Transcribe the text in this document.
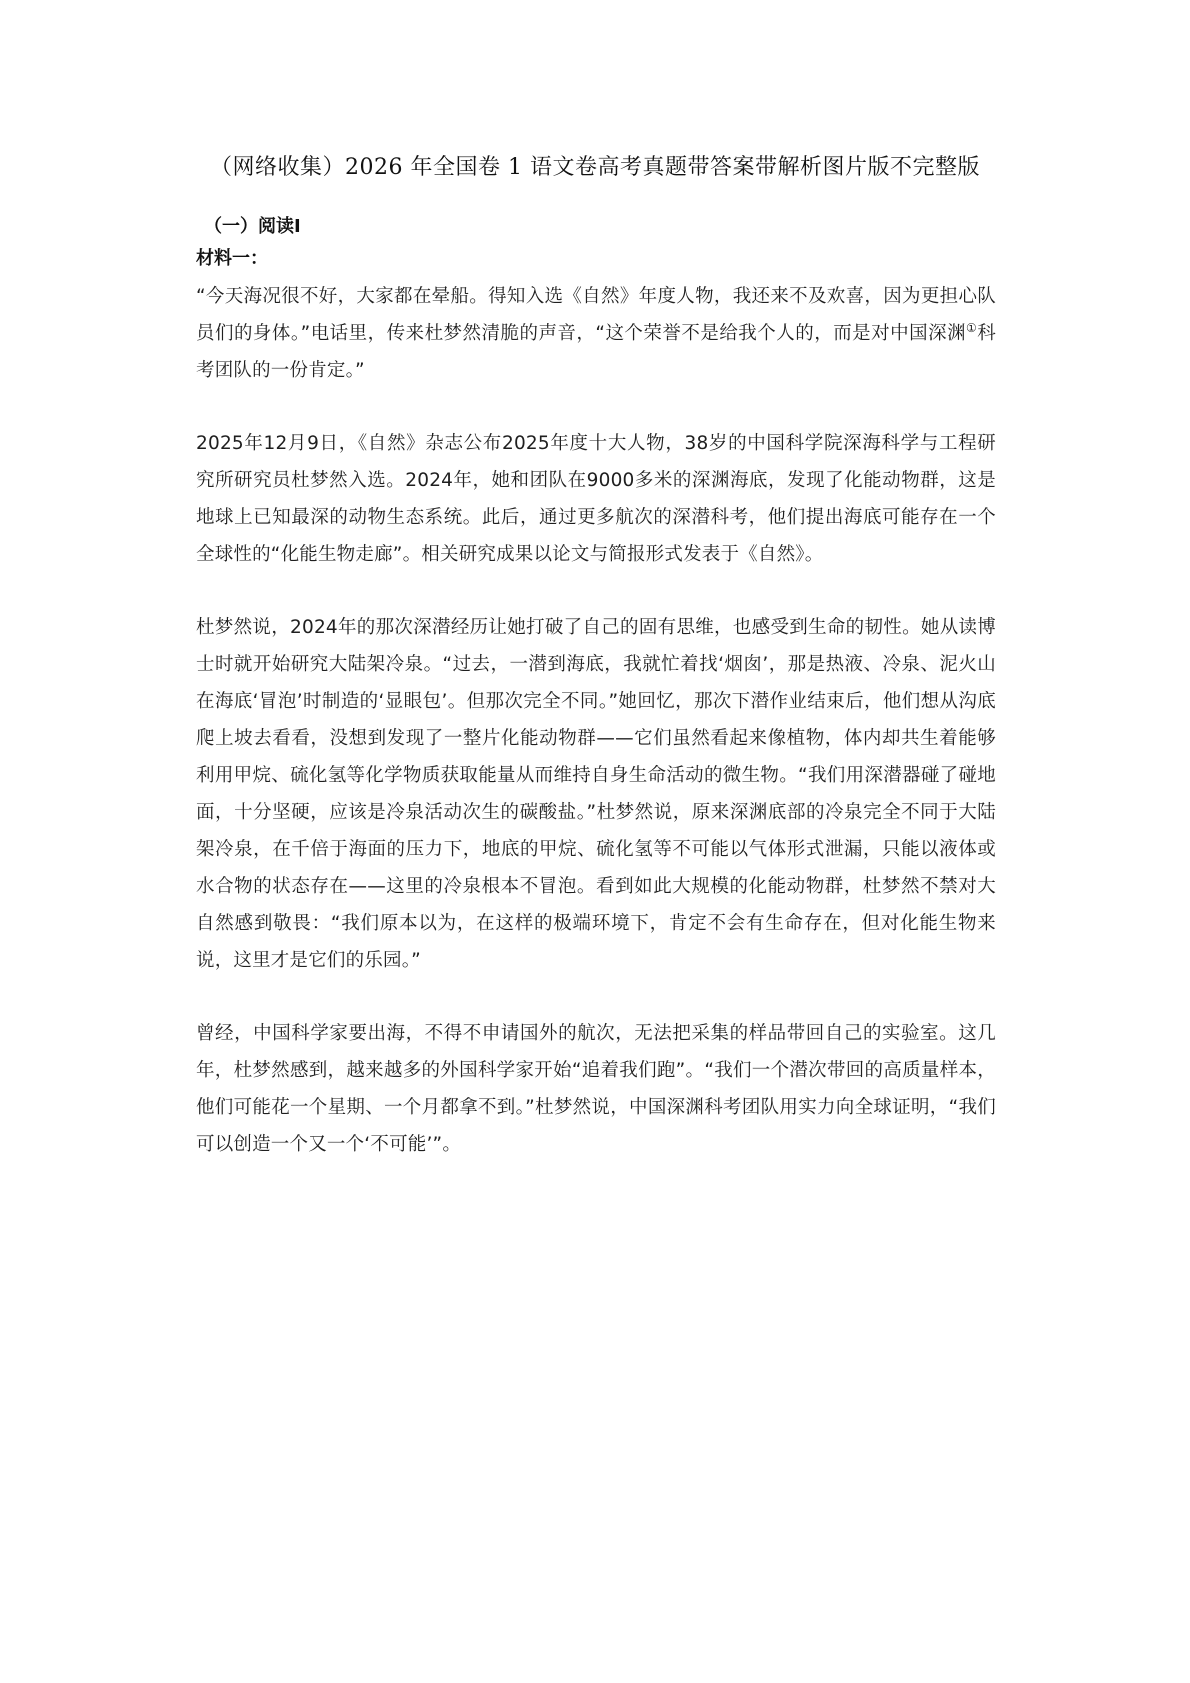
（网络收集）2026 年全国卷 1 语文卷高考真题带答案带解析图片版不完整版
（一）阅读I
材料一：

“今天海况很不好，大家都在晕船。得知入选《自然》年度人物，我还来不及欢喜，因为更担心队员们的身体。”电话里，传来杜梦然清脆的声音，“这个荣誉不是给我个人的，而是对中国深渊①科考团队的一份肯定。”

2025年12月9日，《自然》杂志公布2025年度十大人物，38岁的中国科学院深海科学与工程研究所研究员杜梦然入选。2024年，她和团队在9000多米的深渊海底，发现了化能动物群，这是地球上已知最深的动物生态系统。此后，通过更多航次的深潜科考，他们提出海底可能存在一个全球性的“化能生物走廊”。相关研究成果以论文与简报形式发表于《自然》。

杜梦然说，2024年的那次深潜经历让她打破了自己的固有思维，也感受到生命的韧性。她从读博士时就开始研究大陆架冷泉。“过去，一潜到海底，我就忙着找‘烟囱’，那是热液、冷泉、泥火山在海底‘冒泡’时制造的‘显眼包’。但那次完全不同。”她回忆，那次下潜作业结束后，他们想从沟底爬上坡去看看，没想到发现了一整片化能动物群——它们虽然看起来像植物，体内却共生着能够利用甲烷、硫化氢等化学物质获取能量从而维持自身生命活动的微生物。“我们用深潜器碰了碰地面，十分坚硬，应该是冷泉活动次生的碳酸盐。”杜梦然说，原来深渊底部的冷泉完全不同于大陆架冷泉，在千倍于海面的压力下，地底的甲烷、硫化氢等不可能以气体形式泄漏，只能以液体或水合物的状态存在——这里的冷泉根本不冒泡。看到如此大规模的化能动物群，杜梦然不禁对大自然感到敬畏：“我们原本以为，在这样的极端环境下，肯定不会有生命存在，但对化能生物来说，这里才是它们的乐园。”

曾经，中国科学家要出海，不得不申请国外的航次，无法把采集的样品带回自己的实验室。这几年，杜梦然感到，越来越多的外国科学家开始“追着我们跑”。“我们一个潜次带回的高质量样本，他们可能花一个星期、一个月都拿不到。”杜梦然说，中国深渊科考团队用实力向全球证明，“我们可以创造一个又一个‘不可能’”。
